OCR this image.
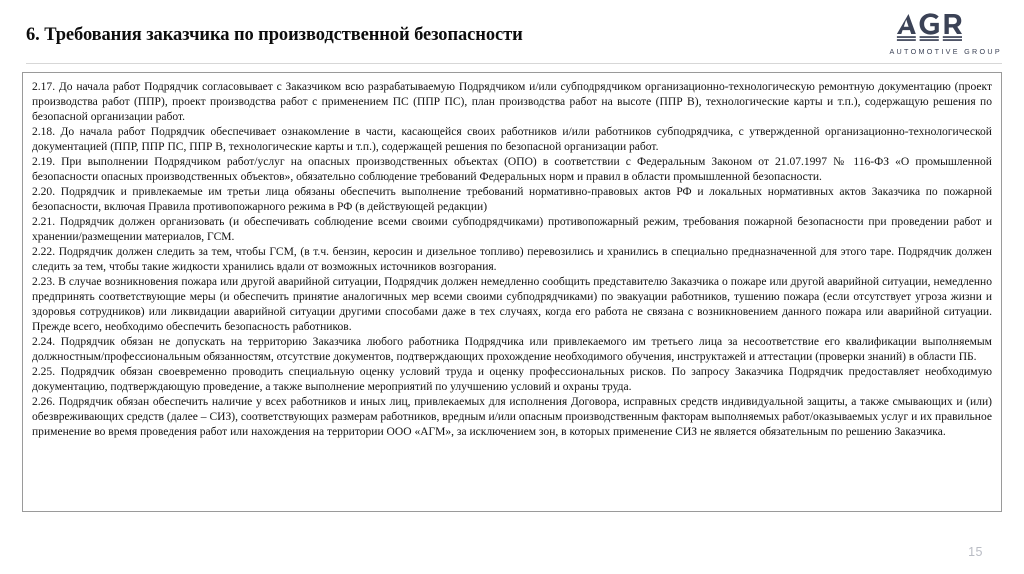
6. Требования заказчика по производственной безопасности
AUTOMOTIVE GROUP

2.17. До начала работ Подрядчик согласовывает с Заказчиком всю разрабатываемую Подрядчиком и/или субподрядчиком организационно-технологическую ремонтную документацию (проект производства работ (ППР), проект производства работ с применением ПС (ППР ПС), план производства работ на высоте (ППР В), технологические карты и т.п.), содержащую решения по безопасной организации работ.

2.18. До начала работ Подрядчик обеспечивает ознакомление в части, касающейся своих работников и/или работников субподрядчика, с утвержденной организационно-технологической документацией (ППР, ППР ПС, ППР В, технологические карты и т.п.), содержащей решения по безопасной организации работ.

2.19. При выполнении Подрядчиком работ/услуг на опасных производственных объектах (ОПО) в соответствии с Федеральным Законом от 21.07.1997 № 116-ФЗ «О промышленной безопасности опасных производственных объектов», обязательно соблюдение требований Федеральных норм и правил в области промышленной безопасности.

2.20. Подрядчик и привлекаемые им третьи лица обязаны обеспечить выполнение требований нормативно-правовых актов РФ и локальных нормативных актов Заказчика по пожарной безопасности, включая Правила противопожарного режима в РФ (в действующей редакции)

2.21. Подрядчик должен организовать (и обеспечивать соблюдение всеми своими субподрядчиками) противопожарный режим, требования пожарной безопасности при проведении работ и хранении/размещении материалов, ГСМ.

2.22. Подрядчик должен следить за тем, чтобы ГСМ, (в т.ч. бензин, керосин и дизельное топливо) перевозились и хранились в специально предназначенной для этого таре. Подрядчик должен следить за тем, чтобы такие жидкости хранились вдали от возможных источников возгорания.

2.23. В случае возникновения пожара или другой аварийной ситуации, Подрядчик должен немедленно сообщить представителю Заказчика о пожаре или другой аварийной ситуации, немедленно предпринять соответствующие меры (и обеспечить принятие аналогичных мер всеми своими субподрядчиками) по эвакуации работников, тушению пожара (если отсутствует угроза жизни и здоровья сотрудников) или ликвидации аварийной ситуации другими способами даже в тех случаях, когда его работа не связана с возникновением данного пожара или аварийной ситуации. Прежде всего, необходимо обеспечить безопасность работников.

2.24. Подрядчик обязан не допускать на территорию Заказчика любого работника Подрядчика или привлекаемого им третьего лица за несоответствие его квалификации выполняемым должностным/профессиональным обязанностям, отсутствие документов, подтверждающих прохождение необходимого обучения, инструктажей и аттестации (проверки знаний) в области ПБ.

2.25. Подрядчик обязан своевременно проводить специальную оценку условий труда и оценку профессиональных рисков. По запросу Заказчика Подрядчик предоставляет необходимую документацию, подтверждающую проведение, а также выполнение мероприятий по улучшению условий и охраны труда.

2.26. Подрядчик обязан обеспечить наличие у всех работников и иных лиц, привлекаемых для исполнения Договора, исправных средств индивидуальной защиты, а также смывающих и (или) обезвреживающих средств (далее – СИЗ), соответствующих размерам работников, вредным и/или опасным производственным факторам выполняемых работ/оказываемых услуг и их правильное применение во время проведения работ или нахождения на территории ООО «АГМ», за исключением зон, в которых применение СИЗ не является обязательным по решению Заказчика.

15
